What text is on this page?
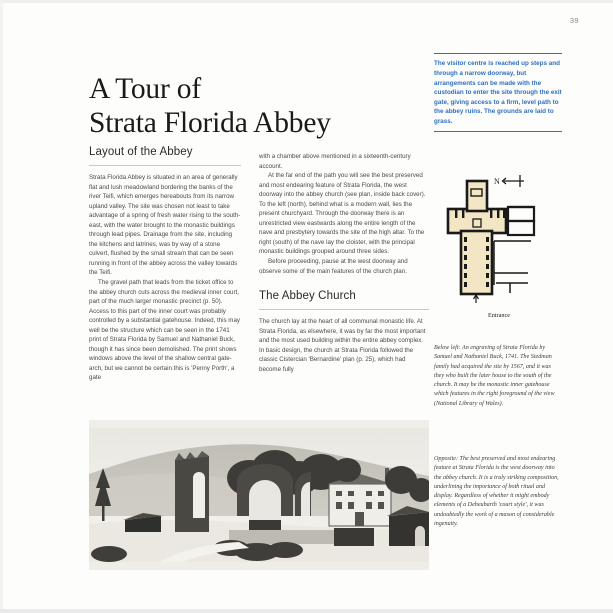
39
A Tour of
Strata Florida Abbey
Layout of the Abbey

Strata Florida Abbey is situated in an area of generally flat and lush meadowland bordering the banks of the river Teifi, which emerges hereabouts from its narrow upland valley. The site was chosen not least to take advantage of a spring of fresh water rising to the south-east, with the water brought to the monastic buildings through lead pipes. Drainage from the site, including the kitchens and latrines, was by way of a stone culvert, flushed by the small stream that can be seen running in front of the abbey across the valley towards the Teifi.

The gravel path that leads from the ticket office to the abbey church cuts across the medieval inner court, part of the much larger monastic precinct (p. 50). Access to this part of the inner court was probably controlled by a substantial gatehouse. Indeed, this may well be the structure which can be seen in the 1741 print of Strata Florida by Samuel and Nathaniel Buck, though it has since been demolished. The print shows windows above the level of the shallow central gate-arch, but we cannot be certain this is 'Penny Porth', a gate

with a chamber above mentioned in a sixteenth-century account.

At the far end of the path you will see the best preserved and most endearing feature of Strata Florida, the west doorway into the abbey church (see plan, inside back cover). To the left (north), behind what is a modern wall, lies the present churchyard. Through the doorway there is an unrestricted view eastwards along the entire length of the nave and presbytery towards the site of the high altar. To the right (south) of the nave lay the cloister, with the principal monastic buildings grouped around three sides.

Before proceeding, pause at the west doorway and observe some of the main features of the church plan.

The Abbey Church

The church lay at the heart of all communal monastic life. At Strata Florida, as elsewhere, it was by far the most important and the most used building within the entire abbey complex. In basic design, the church at Strata Florida followed the classic Cistercian 'Bernardine' plan (p. 25), which had become fully

The visitor centre is reached up steps and through a narrow doorway, but arrangements can be made with the custodian to enter the site through the exit gate, giving access to a firm, level path to the abbey ruins. The grounds are laid to grass.
N
Entrance
Below left: An engraving of Strata Florida by Samuel and Nathaniel Buck, 1741. The Stedman family had acquired the site by 1567, and it was they who built the later house to the south of the church. It may be the monastic inner gatehouse which features in the right foreground of the view (National Library of Wales).
Opposite: The best preserved and most endearing feature at Strata Florida is the west doorway into the abbey church. It is a truly striking composition, underlining the importance of both ritual and display. Regardless of whether it might embody elements of a Deheubarth 'court style', it was undoubtedly the work of a mason of considerable ingenuity.
